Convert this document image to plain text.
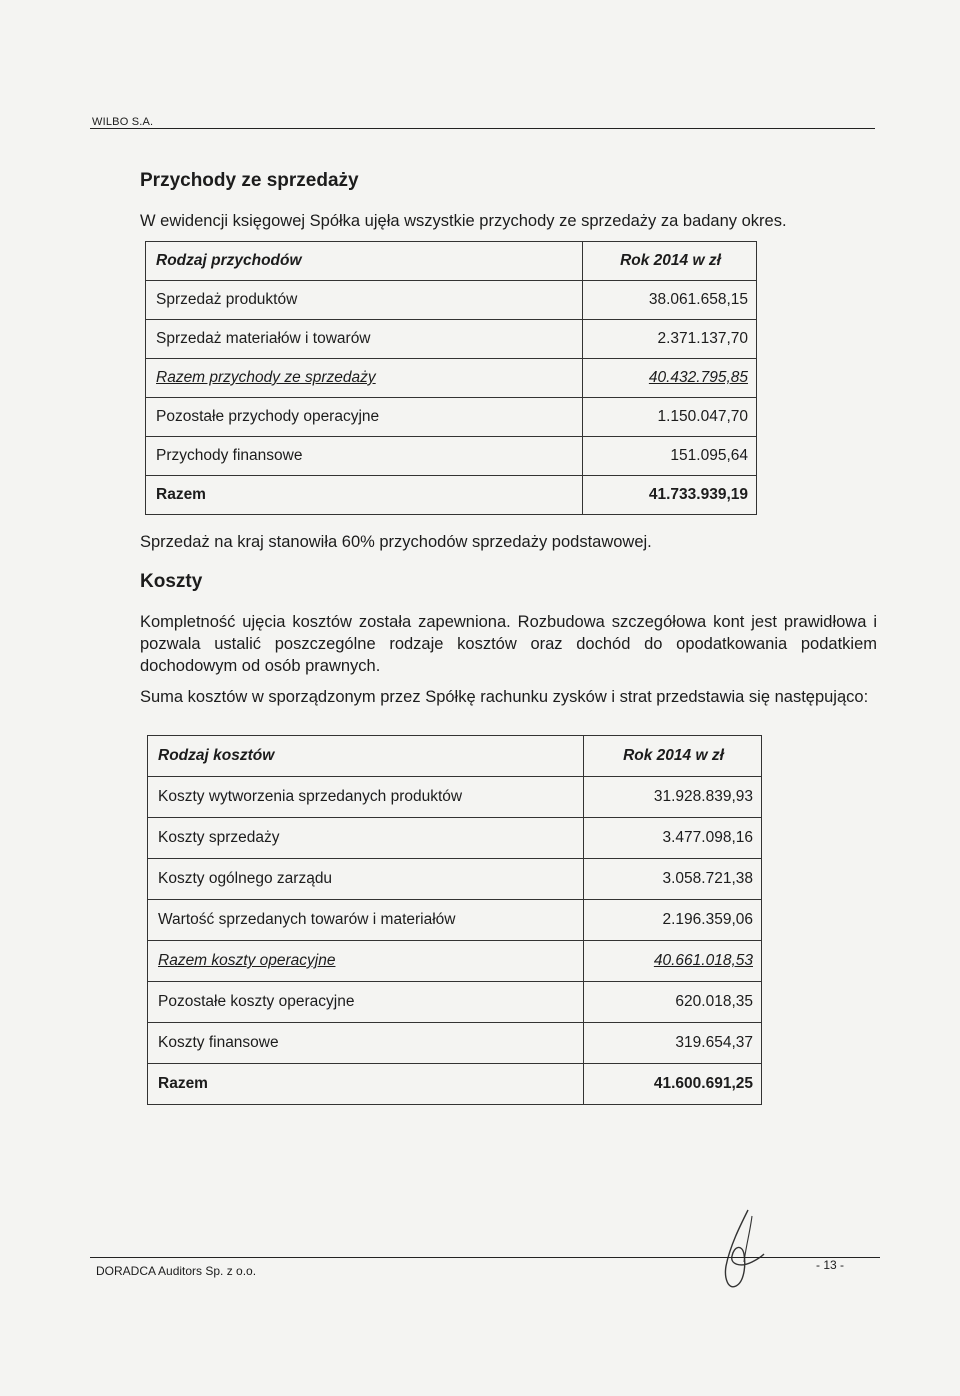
WILBO S.A.
Przychody ze sprzedaży

W ewidencji księgowej Spółka ujęła wszystkie przychody ze sprzedaży za badany okres.

Rodzaj przychodów	Rok 2014 w zł
Sprzedaż produktów	38.061.658,15
Sprzedaż materiałów i towarów	2.371.137,70
Razem przychody ze sprzedaży	40.432.795,85
Pozostałe przychody operacyjne	1.150.047,70
Przychody finansowe	151.095,64
Razem	41.733.939,19

Sprzedaż na kraj stanowiła 60% przychodów sprzedaży podstawowej.

Koszty

Kompletność ujęcia kosztów została zapewniona. Rozbudowa szczegółowa kont jest prawidłowa i pozwala ustalić poszczególne rodzaje kosztów oraz dochód do opodatkowania podatkiem dochodowym od osób prawnych.

Suma kosztów w sporządzonym przez Spółkę rachunku zysków i strat przedstawia się następująco:

Rodzaj kosztów	Rok 2014 w zł
Koszty wytworzenia sprzedanych produktów	31.928.839,93
Koszty sprzedaży	3.477.098,16
Koszty ogólnego zarządu	3.058.721,38
Wartość sprzedanych towarów i materiałów	2.196.359,06
Razem koszty operacyjne	40.661.018,53
Pozostałe koszty operacyjne	620.018,35
Koszty finansowe	319.654,37
Razem	41.600.691,25
DORADCA Auditors Sp. z o.o.	- 13 -
